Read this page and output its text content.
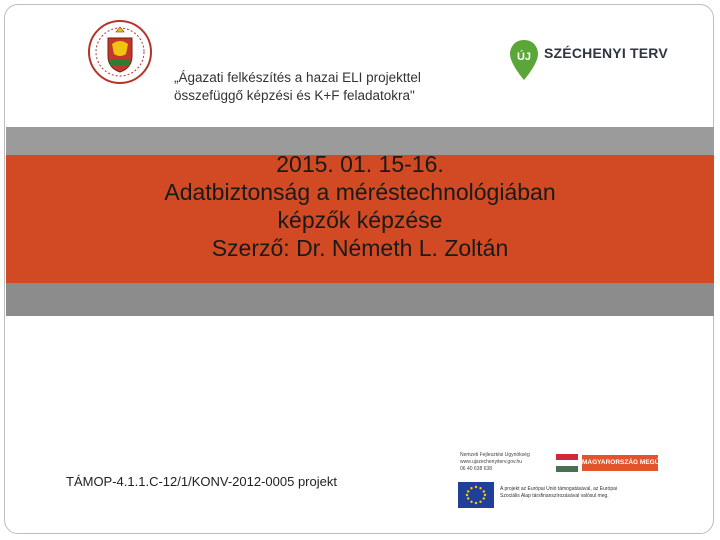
„Ágazati felkészítés a hazai ELI projekttel
összefüggő képzési és K+F feladatokra"
ÚJ SZÉCHENYI TERV
2015. 01. 15-16.
Adatbiztonság a méréstechnológiában
képzők képzése
Szerző: Dr. Németh L. Zoltán
TÁMOP-4.1.1.C-12/1/KONV-2012-0005 projekt
Nemzeti Fejlesztési Ügynökség
www.ujszechenyiterv.gov.hu
06 40 638 638
MAGYARORSZÁG MEGÚJUL
A projekt az Európai Unió támogatásával, az Európai
Szociális Alap társfinanszírozásával valósul meg.
